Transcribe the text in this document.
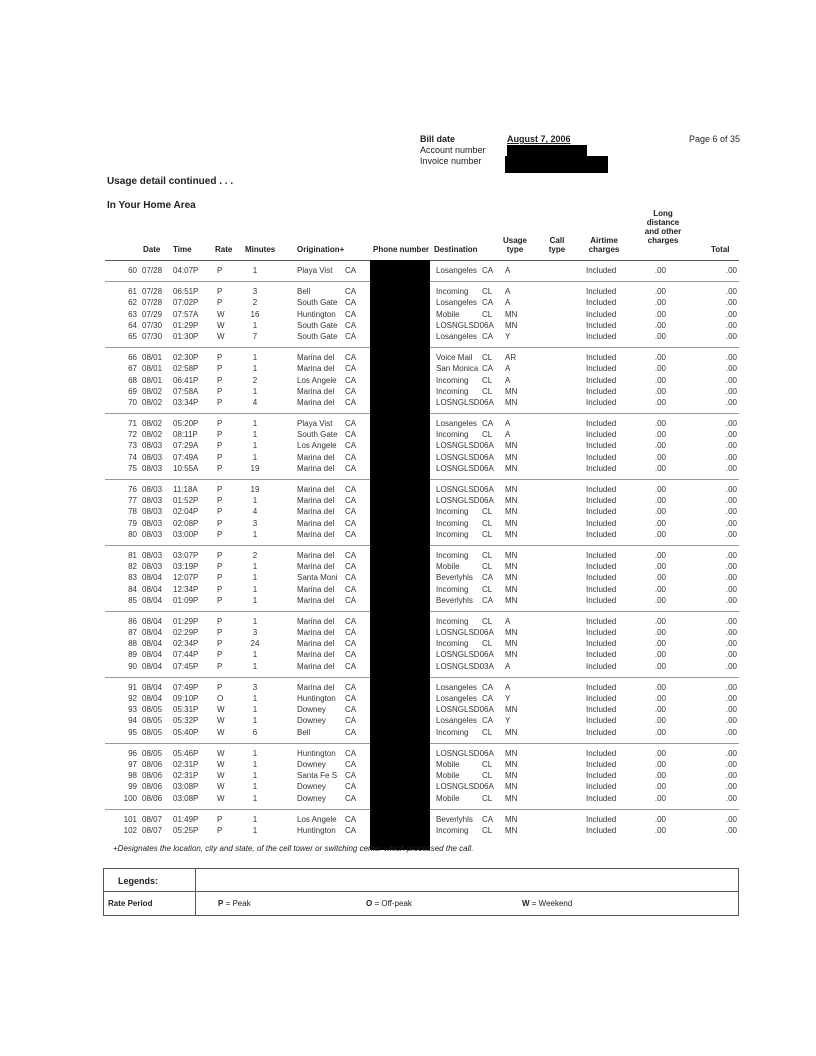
Bill date	August 7, 2006
Account number
Invoice number
Page 6 of 35
Usage detail continued . . .
In Your Home Area
Date Time	Rate Minutes	Origination+	Phone number Destination
Usage
type
Call
type
Airtime
charges
Long
distance
and other
charges
Total
60 07/28 04:07P P	1	Playa Vist CA	Losangeles CA A	Included	.00	.00
61 07/28 06:51P P	3	Bell	CA	Incoming CL A	Included	.00	.00
62 07/28 07:02P P	2	South Gate CA	Losangeles CA A	Included	.00	.00
63 07/29 07:57A W	16	Huntington CA	Mobile	CL MN	Included	.00	.00
64 07/30 01:29P W	1	South Gate CA	LOSNGLSD06A MN	Included	.00	.00
65 07/30 01:30P W	7	South Gate CA	Losangeles CA Y	Included	.00	.00
66 08/01 02:30P P	1	Marina del CA	Voice Mail CL AR	Included	.00	.00
67 08/01 02:58P P	1	Marina del CA	San Monica CA A	Included	.00	.00
68 08/01 06:41P P	2	Los Angele CA	Incoming CL A	Included	.00	.00
69 08/02 07:58A P	1	Marina del CA	Incoming CL MN	Included	.00	.00
70 08/02 03:34P P	4	Marina del CA	LOSNGLSD06A MN	Included	.00	.00
71 08/02 05:20P P	1	Playa Vist CA	Losangeles CA A	Included	.00	.00
72 08/02 08:11P P	1	South Gate CA	Incoming CL A	Included	.00	.00
73 08/03 07:29A P	1	Los Angele CA	LOSNGLSD06A MN	Included	.00	.00
74 08/03 07:49A P	1	Marina del CA	LOSNGLSD06A MN	Included	.00	.00
75 08/03 10:55A P	19	Marina del CA	LOSNGLSD06A MN	Included	.00	.00
76 08/03 11:18A P	19	Marina del CA	LOSNGLSD06A MN	Included	.00	.00
77 08/03 01:52P P	1	Marina del CA	LOSNGLSD06A MN	Included	.00	.00
78 08/03 02:04P P	4	Marina del CA	Incoming CL MN	Included	.00	.00
79 08/03 02:08P P	3	Marina del CA	Incoming CL MN	Included	.00	.00
80 08/03 03:00P P	1	Marina del CA	Incoming CL MN	Included	.00	.00
81 08/03 03:07P P	2	Marina del CA	Incoming CL MN	Included	.00	.00
82 08/03 03:19P P	1	Marina del CA	Mobile	CL MN	Included	.00	.00
83 08/04 12:07P P	1	Santa Moni CA	Beverlyhls CA MN	Included	.00	.00
84 08/04 12:34P P	1	Marina del CA	Incoming CL MN	Included	.00	.00
85 08/04 01:09P P	1	Marina del CA	Beverlyhls CA MN	Included	.00	.00
86 08/04 01:29P P	1	Marina del CA	Incoming CL A	Included	.00	.00
87 08/04 02:29P P	3	Marina del CA	LOSNGLSD06A MN	Included	.00	.00
88 08/04 02:34P P	24	Marina del CA	Incoming CL MN	Included	.00	.00
89 08/04 07:44P P	1	Marina del CA	LOSNGLSD06A MN	Included	.00	.00
90 08/04 07:45P P	1	Marina del CA	LOSNGLSD03A A	Included	.00	.00
91 08/04 07:49P P	3	Marina del CA	Losangeles CA A	Included	.00	.00
92 08/04 09:10P O	1	Huntington CA	Losangeles CA Y	Included	.00	.00
93 08/05 05:31P W	1	Downey CA	LOSNGLSD06A MN	Included	.00	.00
94 08/05 05:32P W	1	Downey CA	Losangeles CA Y	Included	.00	.00
95 08/05 05:40P W	6	Bell	CA	Incoming CL MN	Included	.00	.00
96 08/05 05:46P W	1	Huntington CA	LOSNGLSD06A MN	Included	.00	.00
97 08/06 02:31P W	1	Downey CA	Mobile	CL MN	Included	.00	.00
98 08/06 02:31P W	1	Santa Fe S CA	Mobile	CL MN	Included	.00	.00
99 08/06 03:08P W	1	Downey CA	LOSNGLSD06A MN	Included	.00	.00
100 08/06 03:08P W	1	Downey CA	Mobile	CL MN	Included	.00	.00
101 08/07 01:49P P	1	Los Angele CA	Beverlyhls CA MN	Included	.00	.00
102 08/07 05:25P P	1	Huntington CA	Incoming CL MN	Included	.00	.00
+Designates the location, city and state, of the cell tower or switching center which processed the call.
Legends:
Rate Period	P = Peak	O = Off-peak	W = Weekend
